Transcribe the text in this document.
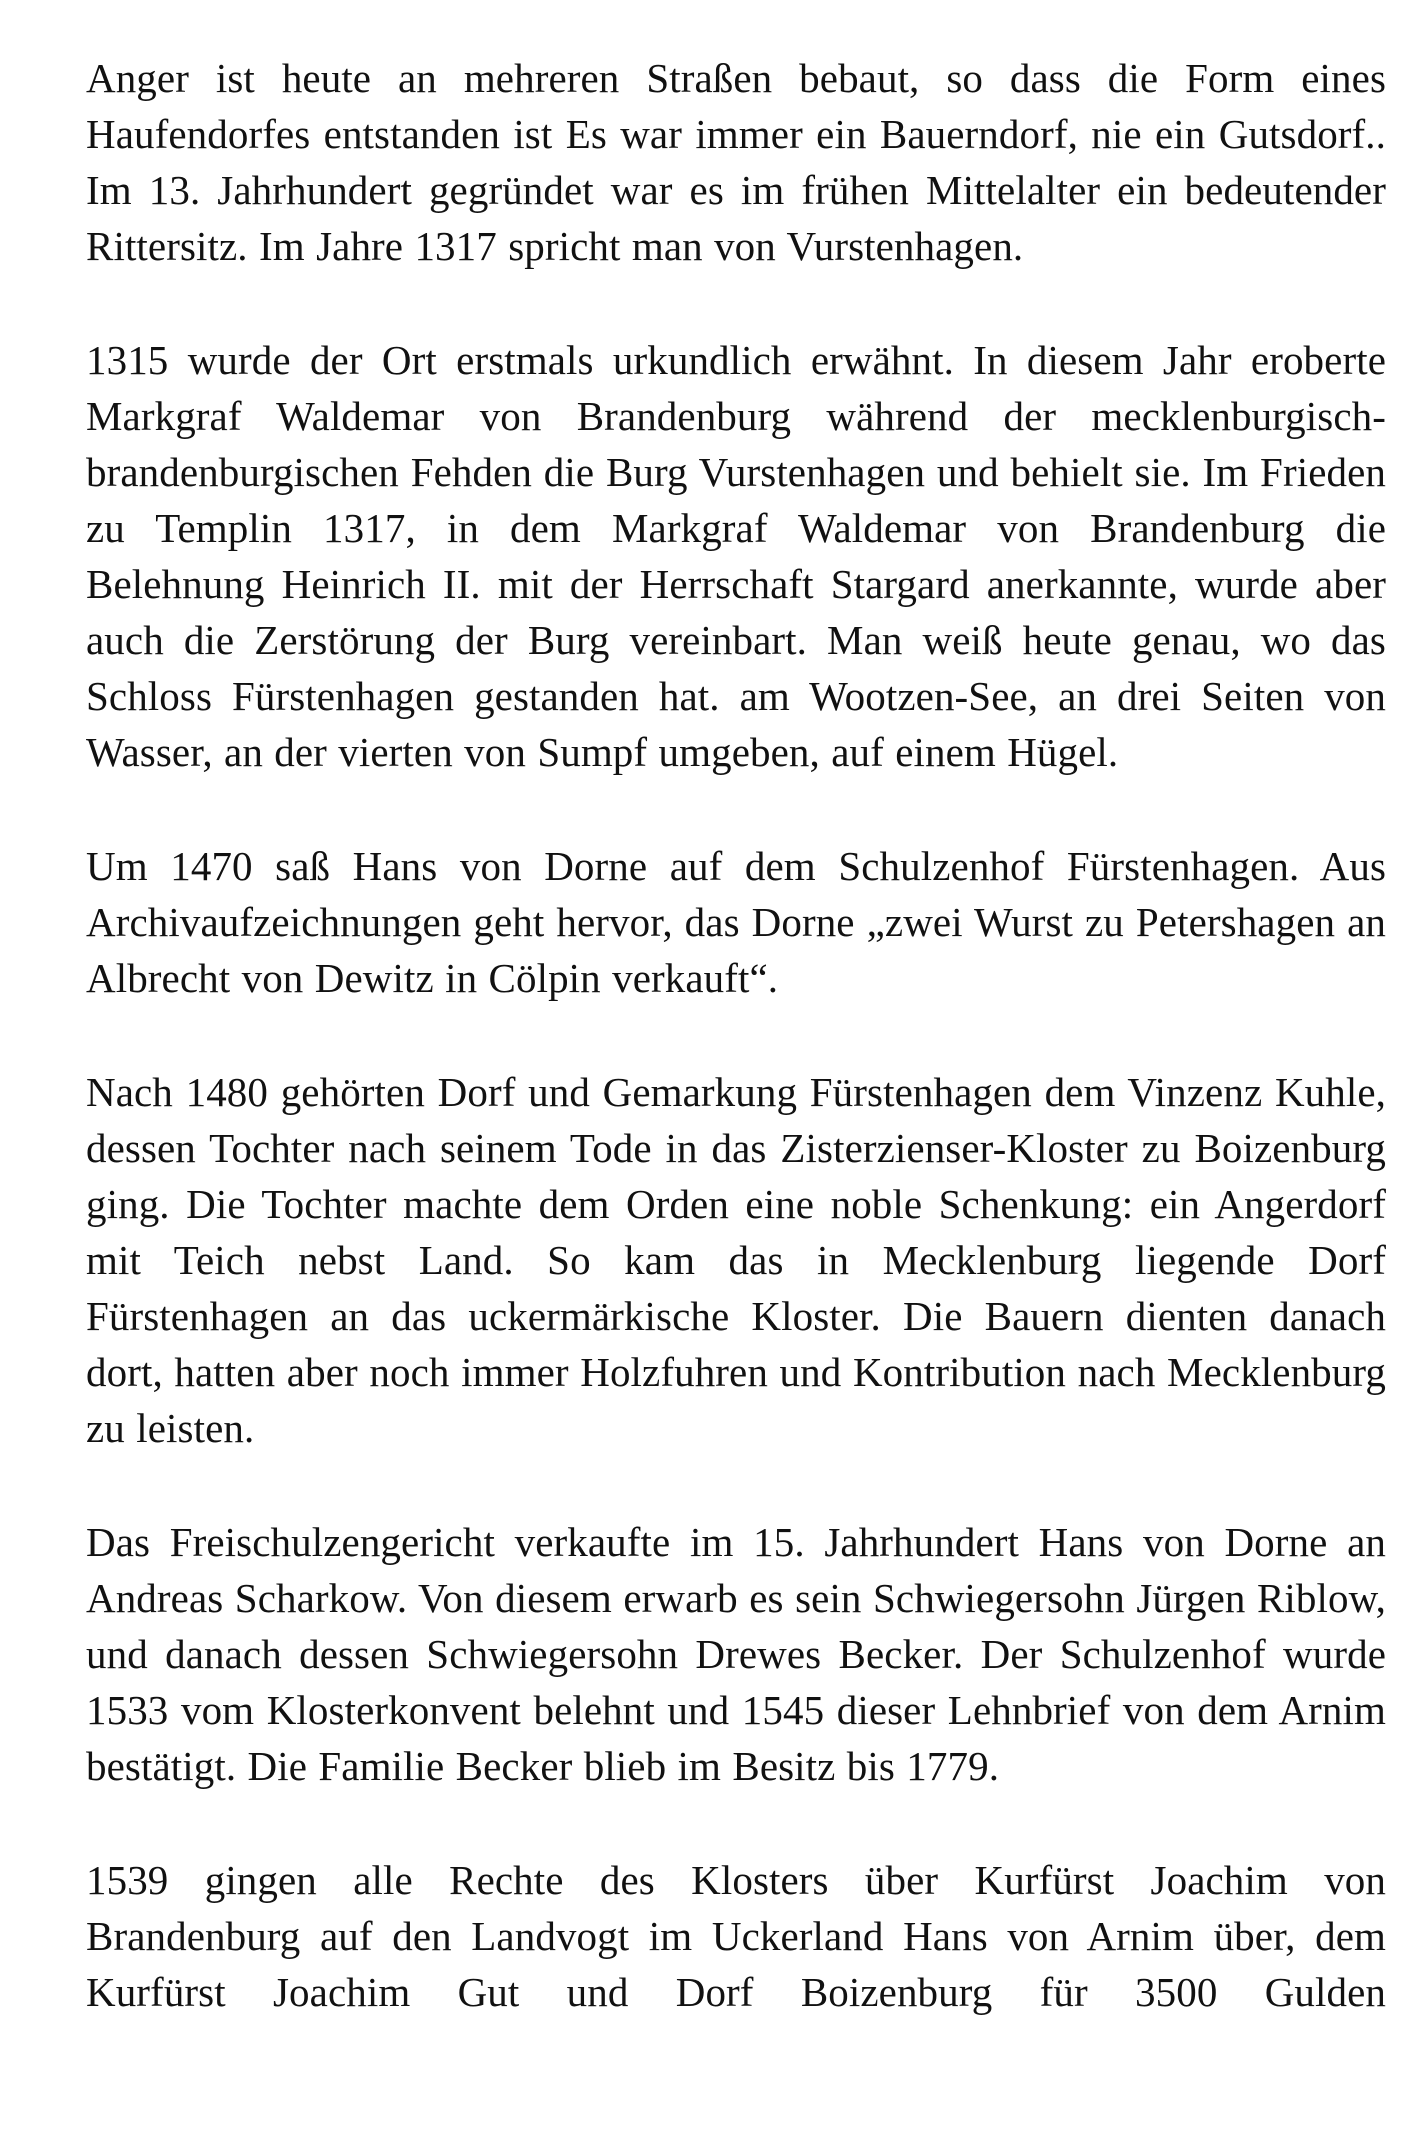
Anger ist heute an mehreren Straßen bebaut, so dass die Form eines Haufendorfes entstanden ist Es war immer ein Bauerndorf, nie ein Gutsdorf.. Im 13. Jahrhundert gegründet war es im frühen Mittelalter ein bedeutender Rittersitz. Im Jahre 1317 spricht man von Vurstenhagen.

1315 wurde der Ort erstmals urkundlich erwähnt. In diesem Jahr eroberte Markgraf Waldemar von Brandenburg während der mecklenburgisch-brandenburgischen Fehden die Burg Vurstenhagen und behielt sie. Im Frieden zu Templin 1317, in dem Markgraf Waldemar von Brandenburg die Belehnung Heinrich II. mit der Herrschaft Stargard anerkannte, wurde aber auch die Zerstörung der Burg vereinbart. Man weiß heute genau, wo das Schloss Fürstenhagen gestanden hat. am Wootzen-See, an drei Seiten von Wasser, an der vierten von Sumpf umgeben, auf einem Hügel.

Um 1470 saß Hans von Dorne auf dem Schulzenhof Fürstenhagen. Aus Archivaufzeichnungen geht hervor, das Dorne „zwei Wurst zu Petershagen an Albrecht von Dewitz in Cölpin verkauft“.

Nach 1480 gehörten Dorf und Gemarkung Fürstenhagen dem Vinzenz Kuhle, dessen Tochter nach seinem Tode in das Zisterzienser-Kloster zu Boizenburg ging. Die Tochter machte dem Orden eine noble Schenkung: ein Angerdorf mit Teich nebst Land. So kam das in Mecklenburg liegende Dorf Fürstenhagen an das uckermärkische Kloster. Die Bauern dienten danach dort, hatten aber noch immer Holzfuhren und Kontribution nach Mecklenburg zu leisten.

Das Freischulzengericht verkaufte im 15. Jahrhundert Hans von Dorne an Andreas Scharkow. Von diesem erwarb es sein Schwiegersohn Jürgen Riblow, und danach dessen Schwiegersohn Drewes Becker. Der Schulzenhof wurde 1533 vom Klosterkonvent belehnt und 1545 dieser Lehnbrief von dem Arnim bestätigt. Die Familie Becker blieb im Besitz bis 1779.

1539 gingen alle Rechte des Klosters über Kurfürst Joachim von Brandenburg auf den Landvogt im Uckerland Hans von Arnim über, dem Kurfürst Joachim Gut und Dorf Boizenburg für 3500 Gulden
